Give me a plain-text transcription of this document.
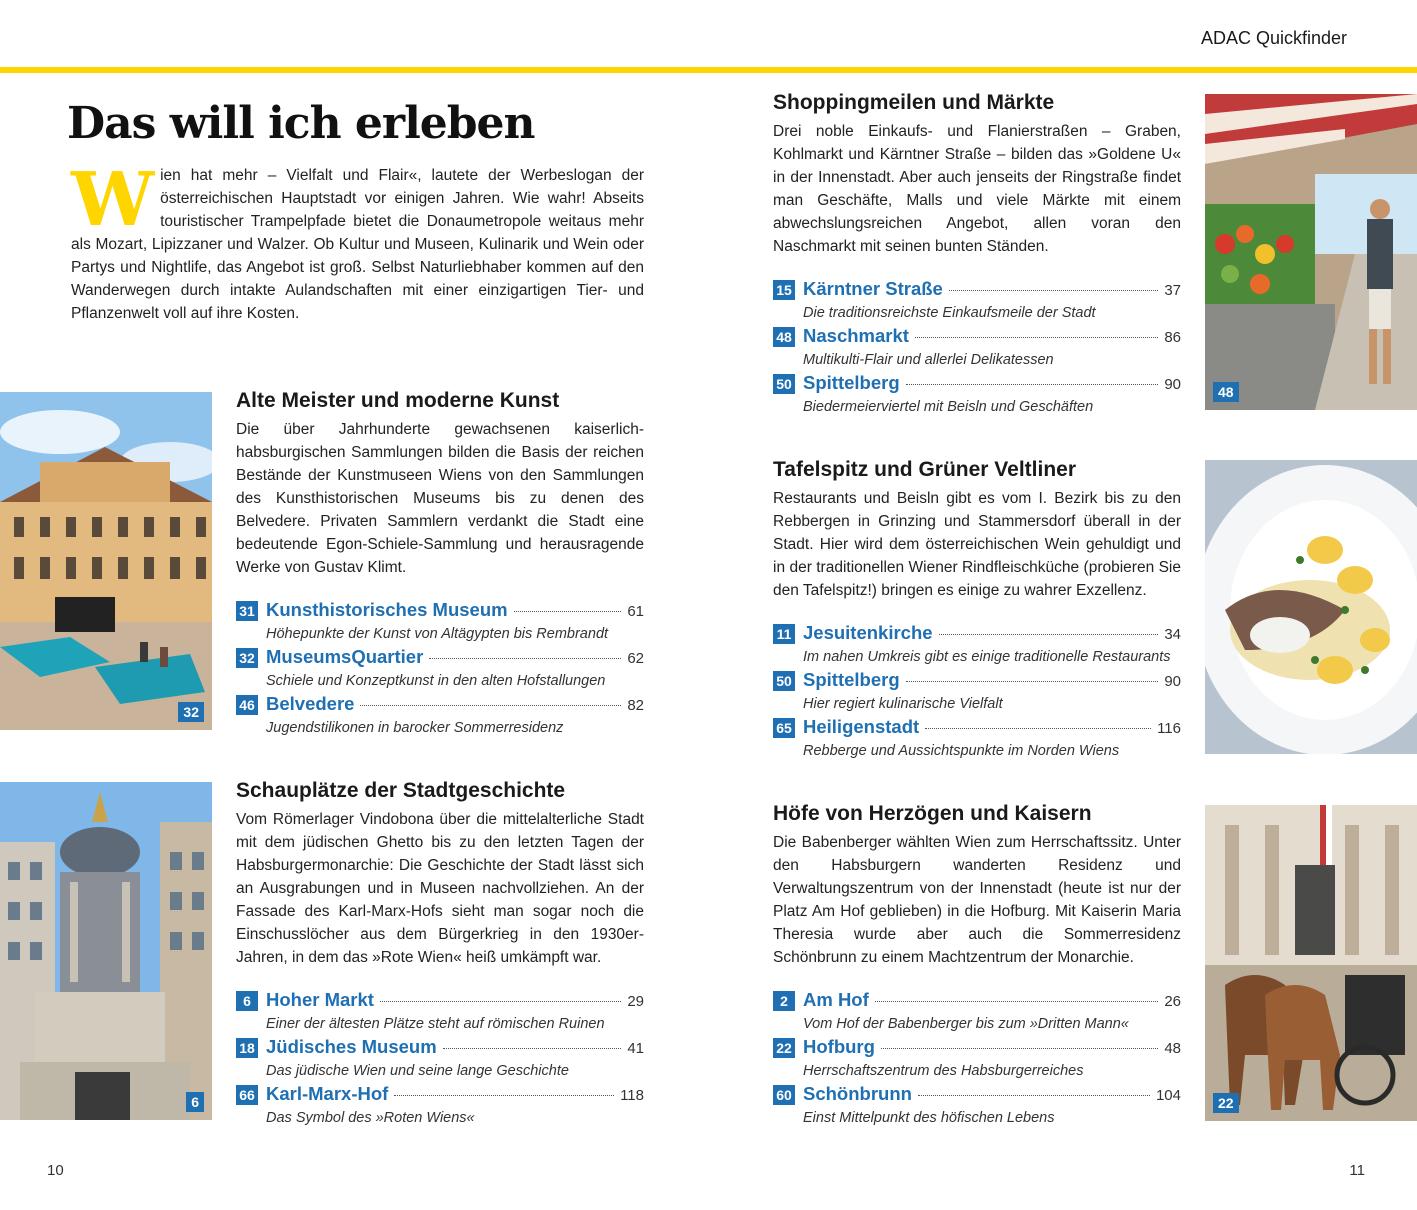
ADAC Quickfinder
Das will ich erleben

Wien hat mehr – Vielfalt und Flair«, lautete der Werbeslogan der österreichischen Hauptstadt vor einigen Jahren. Wie wahr! Abseits touristischer Trampelpfade bietet die Donaumetropole weitaus mehr als Mozart, Lipizzaner und Walzer. Ob Kultur und Museen, Kulinarik und Wein oder Partys und Nightlife, das Angebot ist groß. Selbst Naturliebhaber kommen auf den Wanderwegen durch intakte Aulandschaften mit einer einzigartigen Tier- und Pflanzenwelt voll auf ihre Kosten.

32
6
48
22
Alte Meister und moderne Kunst

Die über Jahrhunderte gewachsenen kaiserlich-habsburgischen Sammlungen bilden die Basis der reichen Bestände der Kunstmuseen Wiens von den Sammlungen des Kunsthistorischen Museums bis zu denen des Belvedere. Privaten Sammlern verdankt die Stadt eine bedeutende Egon-Schiele-Sammlung und herausragende Werke von Gustav Klimt.

31 Kunsthistorisches Museum	61
Höhepunkte der Kunst von Altägypten bis Rembrandt
32 MuseumsQuartier	62
Schiele und Konzeptkunst in den alten Hofstallungen
46 Belvedere	82
Jugendstilikonen in barocker Sommerresidenz
Schauplätze der Stadtgeschichte

Vom Römerlager Vindobona über die mittelalterliche Stadt mit dem jüdischen Ghetto bis zu den letzten Tagen der Habsburgermonarchie: Die Geschichte der Stadt lässt sich an Ausgrabungen und in Museen nachvollziehen. An der Fassade des Karl-Marx-Hofs sieht man sogar noch die Einschusslöcher aus dem Bürgerkrieg in den 1930er-Jahren, in dem das »Rote Wien« heiß umkämpft war.

6 Hoher Markt	29
Einer der ältesten Plätze steht auf römischen Ruinen
18 Jüdisches Museum	41
Das jüdische Wien und seine lange Geschichte
66 Karl-Marx-Hof	118
Das Symbol des »Roten Wiens«
Shoppingmeilen und Märkte

Drei noble Einkaufs- und Flanierstraßen – Graben, Kohlmarkt und Kärntner Straße – bilden das »Goldene U« in der Innenstadt. Aber auch jenseits der Ringstraße findet man Geschäfte, Malls und viele Märkte mit einem abwechslungsreichen Angebot, allen voran den Naschmarkt mit seinen bunten Ständen.

15 Kärntner Straße	37
Die traditionsreichste Einkaufsmeile der Stadt
48 Naschmarkt	86
Multikulti-Flair und allerlei Delikatessen
50 Spittelberg	90
Biedermeierviertel mit Beisln und Geschäften
Tafelspitz und Grüner Veltliner

Restaurants und Beisln gibt es vom I. Bezirk bis zu den Rebbergen in Grinzing und Stammersdorf überall in der Stadt. Hier wird dem österreichischen Wein gehuldigt und in der traditionellen Wiener Rindfleischküche (probieren Sie den Tafelspitz!) bringen es einige zu wahrer Exzellenz.

11 Jesuitenkirche	34
Im nahen Umkreis gibt es einige traditionelle Restaurants
50 Spittelberg	90
Hier regiert kulinarische Vielfalt
65 Heiligenstadt	116
Rebberge und Aussichtspunkte im Norden Wiens
Höfe von Herzögen und Kaisern

Die Babenberger wählten Wien zum Herrschaftssitz. Unter den Habsburgern wanderten Residenz und Verwaltungszentrum von der Innenstadt (heute ist nur der Platz Am Hof geblieben) in die Hofburg. Mit Kaiserin Maria Theresia wurde aber auch die Sommerresidenz Schönbrunn zu einem Machtzentrum der Monarchie.

2 Am Hof	26
Vom Hof der Babenberger bis zum »Dritten Mann«
22 Hofburg	48
Herrschaftszentrum des Habsburgerreiches
60 Schönbrunn	104
Einst Mittelpunkt des höfischen Lebens
10	11
